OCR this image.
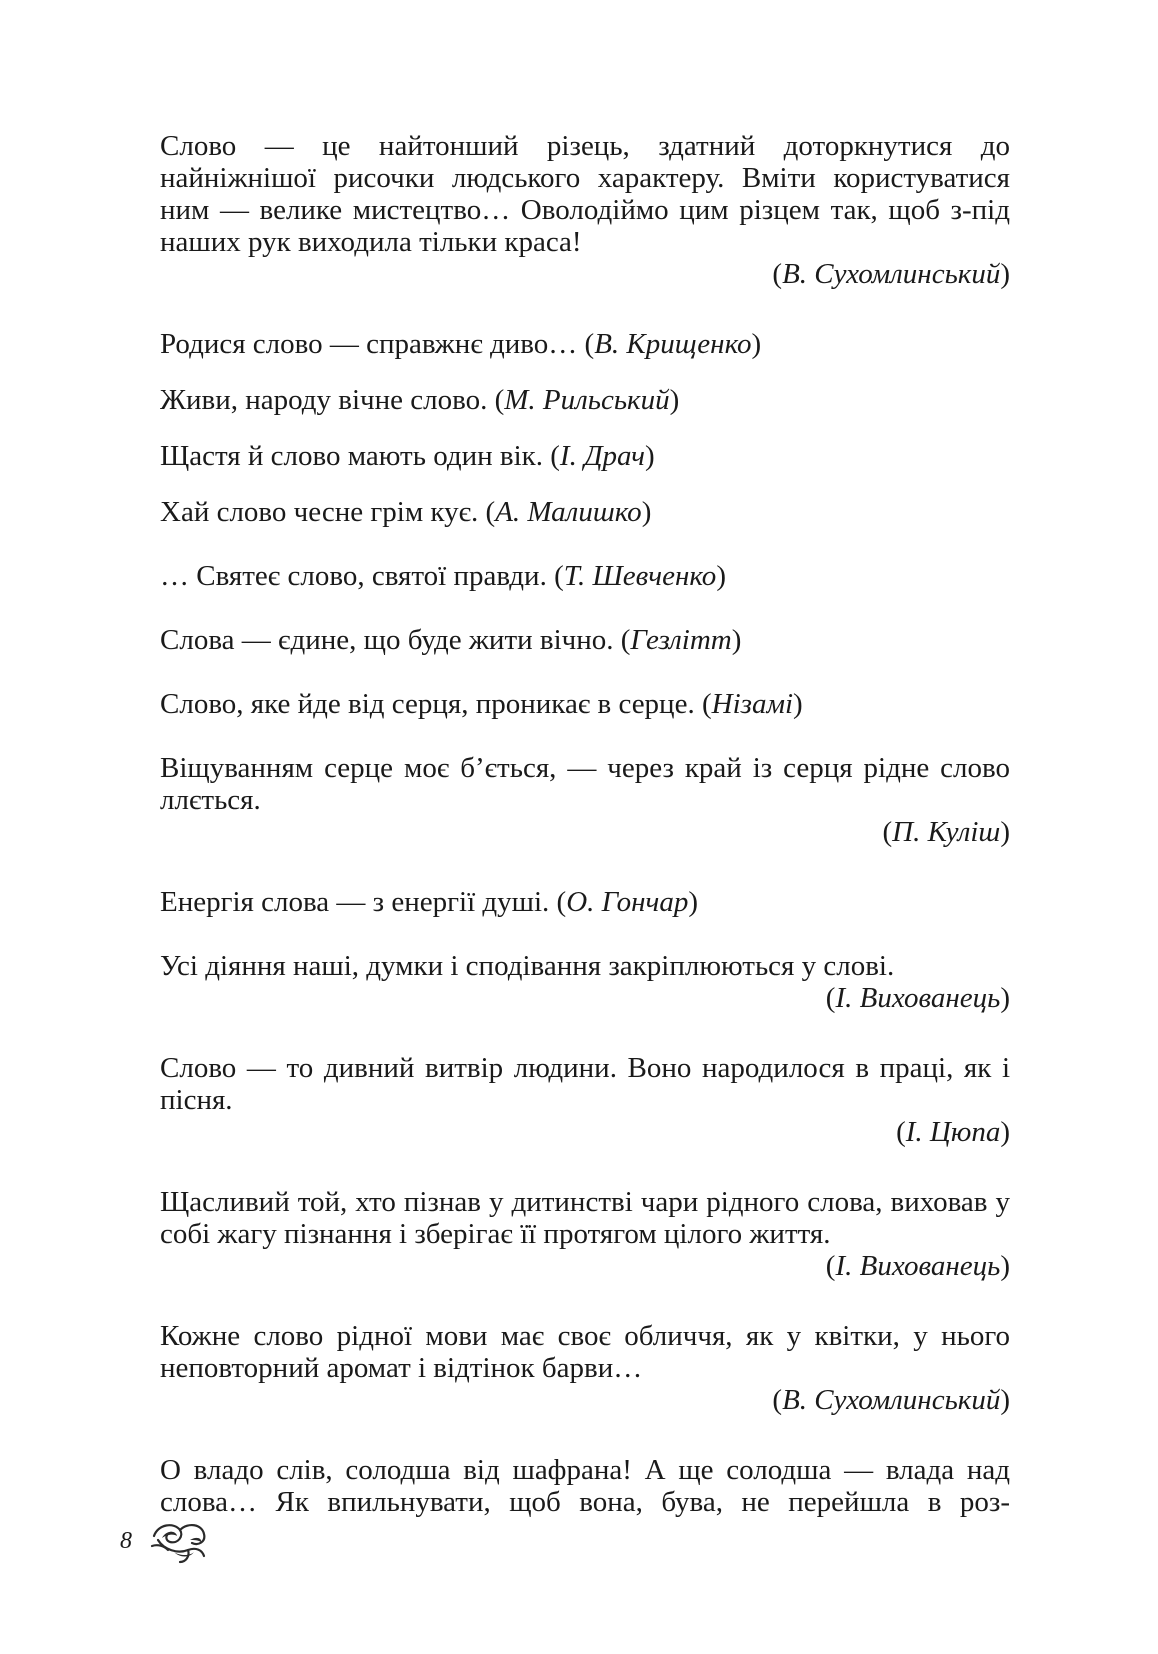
Слово — це найтонший різець, здатний доторкнутися до найніжнішої рисочки людського характеру. Вміти користуватися ним — велике мистецтво… Оволодіймо цим різцем так, щоб з-під наших рук виходила тільки краса!

(В. Сухомлинський)

Родися слово — справжнє диво… (В. Крищенко)

Живи, народу вічне слово. (М. Рильський)

Щастя й слово мають один вік. (І. Драч)

Хай слово чесне грім кує. (А. Малишко)

… Святеє слово, святої правди. (Т. Шевченко)

Слова — єдине, що буде жити вічно. (Гезлітт)

Слово, яке йде від серця, проникає в серце. (Нізамі)

Віщуванням серце моє б’ється, — через край із серця рідне слово ллється.

(П. Куліш)

Енергія слова — з енергії душі. (О. Гончар)

Усі діяння наші, думки і сподівання закріплюються у слові.

(І. Вихованець)

Слово — то дивний витвір людини. Воно народилося в праці, як і пісня.

(І. Цюпа)

Щасливий той, хто пізнав у дитинстві чари рідного слова, виховав у собі жагу пізнання і зберігає її протягом цілого життя.

(І. Вихованець)

Кожне слово рідної мови має своє обличчя, як у квітки, у нього неповторний аромат і відтінок барви…

(В. Сухомлинський)

О владо слів, солодша від шафрана! А ще солодша — влада над слова… Як впильнувати, щоб вона, бува, не перейшла в роз-

8
